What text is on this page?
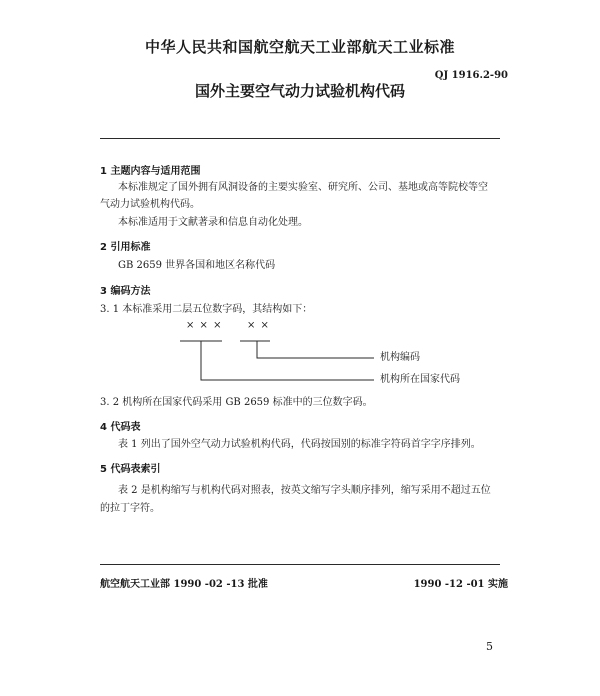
中华人民共和国航空航天工业部航天工业标准
QJ 1916.2-90
国外主要空气动力试验机构代码
1 主题内容与适用范围
本标准规定了国外拥有风洞设备的主要实验室、研究所、公司、基地或高等院校等空
气动力试验机构代码。
本标准适用于文献著录和信息自动化处理。
2 引用标准
GB 2659 世界各国和地区名称代码
3 编码方法
3. 1 本标准采用二层五位数字码，其结构如下：
× × × × ×
机构编码
机构所在国家代码
3. 2 机构所在国家代码采用 GB 2659 标准中的三位数字码。
4 代码表
表 1 列出了国外空气动力试验机构代码，代码按国别的标准字符码首字字序排列。
5 代码表索引
表 2 是机构缩写与机构代码对照表，按英文缩写字头顺序排列，缩写采用不超过五位
的拉丁字符。
航空航天工业部 1990 -02 -13 批准	1990 -12 -01 实施
5
